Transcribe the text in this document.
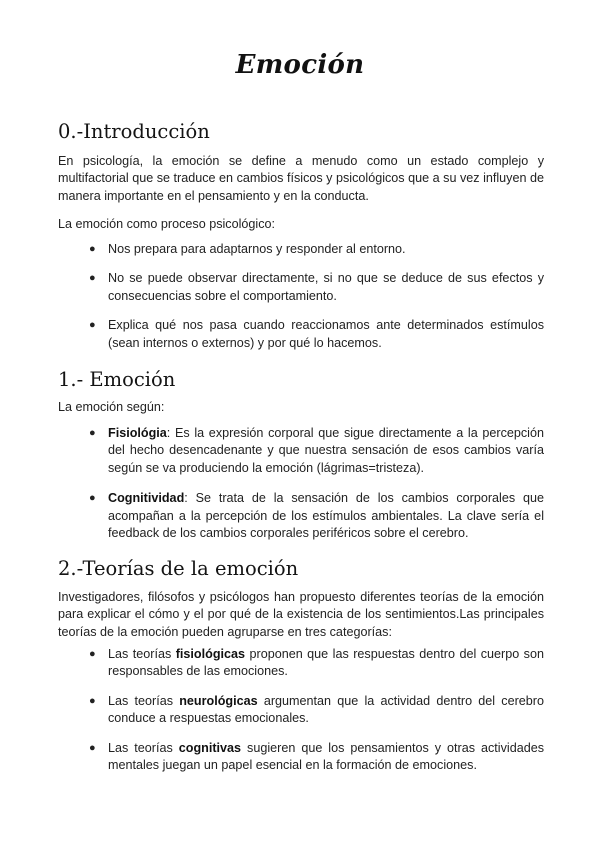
Emoción
0.-Introducción

En psicología, la emoción se define a menudo como un estado complejo y multifactorial que se traduce en cambios físicos y psicológicos que a su vez influyen de manera importante en el pensamiento y en la conducta.

La emoción como proceso psicológico:

● Nos prepara para adaptarnos y responder al entorno.
● No se puede observar directamente, si no que se deduce de sus efectos y consecuencias sobre el comportamiento.
● Explica qué nos pasa cuando reaccionamos ante determinados estímulos (sean internos o externos) y por qué lo hacemos.
1.- Emoción

La emoción según:

● Fisiológia: Es la expresión corporal que sigue directamente a la percepción del hecho desencadenante y que nuestra sensación de esos cambios varía según se va produciendo la emoción (lágrimas=tristeza).
● Cognitividad: Se trata de la sensación de los cambios corporales que acompañan a la percepción de los estímulos ambientales. La clave sería el feedback de los cambios corporales periféricos sobre el cerebro.
2.-Teorías de la emoción

Investigadores, filósofos y psicólogos han propuesto diferentes teorías de la emoción para explicar el cómo y el por qué de la existencia de los sentimientos.Las principales teorías de la emoción pueden agruparse en tres categorías:

● Las teorías fisiológicas proponen que las respuestas dentro del cuerpo son responsables de las emociones.
● Las teorías neurológicas argumentan que la actividad dentro del cerebro conduce a respuestas emocionales.
● Las teorías cognitivas sugieren que los pensamientos y otras actividades mentales juegan un papel esencial en la formación de emociones.
